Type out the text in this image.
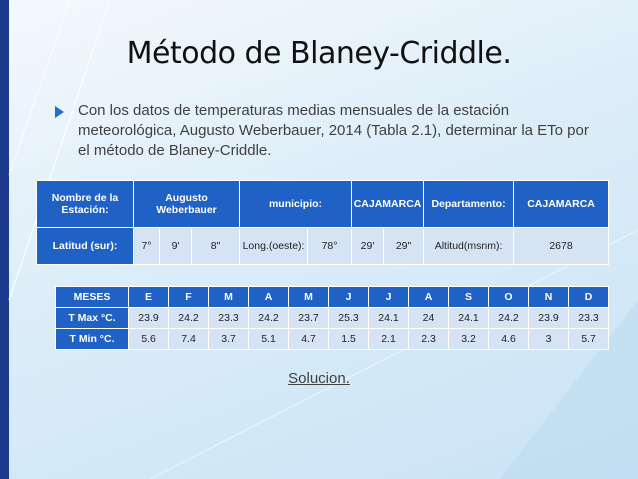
Método de Blaney-Criddle.
Con los datos de temperaturas medias mensuales de la estación meteorológica, Augusto Weberbauer, 2014 (Tabla 2.1), determinar la ETo por el método de Blaney-Criddle.
Nombre de la Estación:	Augusto Weberbauer			municipio:		CAJAMARCA		Departamento:	CAJAMARCA
Latitud (sur):	7°	9'	8"	Long.(oeste):	78°	29'	29"	Altitud(msnm):	2678
MESES	E	F	M	A	M	J	J	A	S	O	N	D
T Max °C.	23.9	24.2	23.3	24.2	23.7	25.3	24.1	24	24.1	24.2	23.9	23.3
T Min °C.	5.6	7.4	3.7	5.1	4.7	1.5	2.1	2.3	3.2	4.6	3	5.7
Solucion.
